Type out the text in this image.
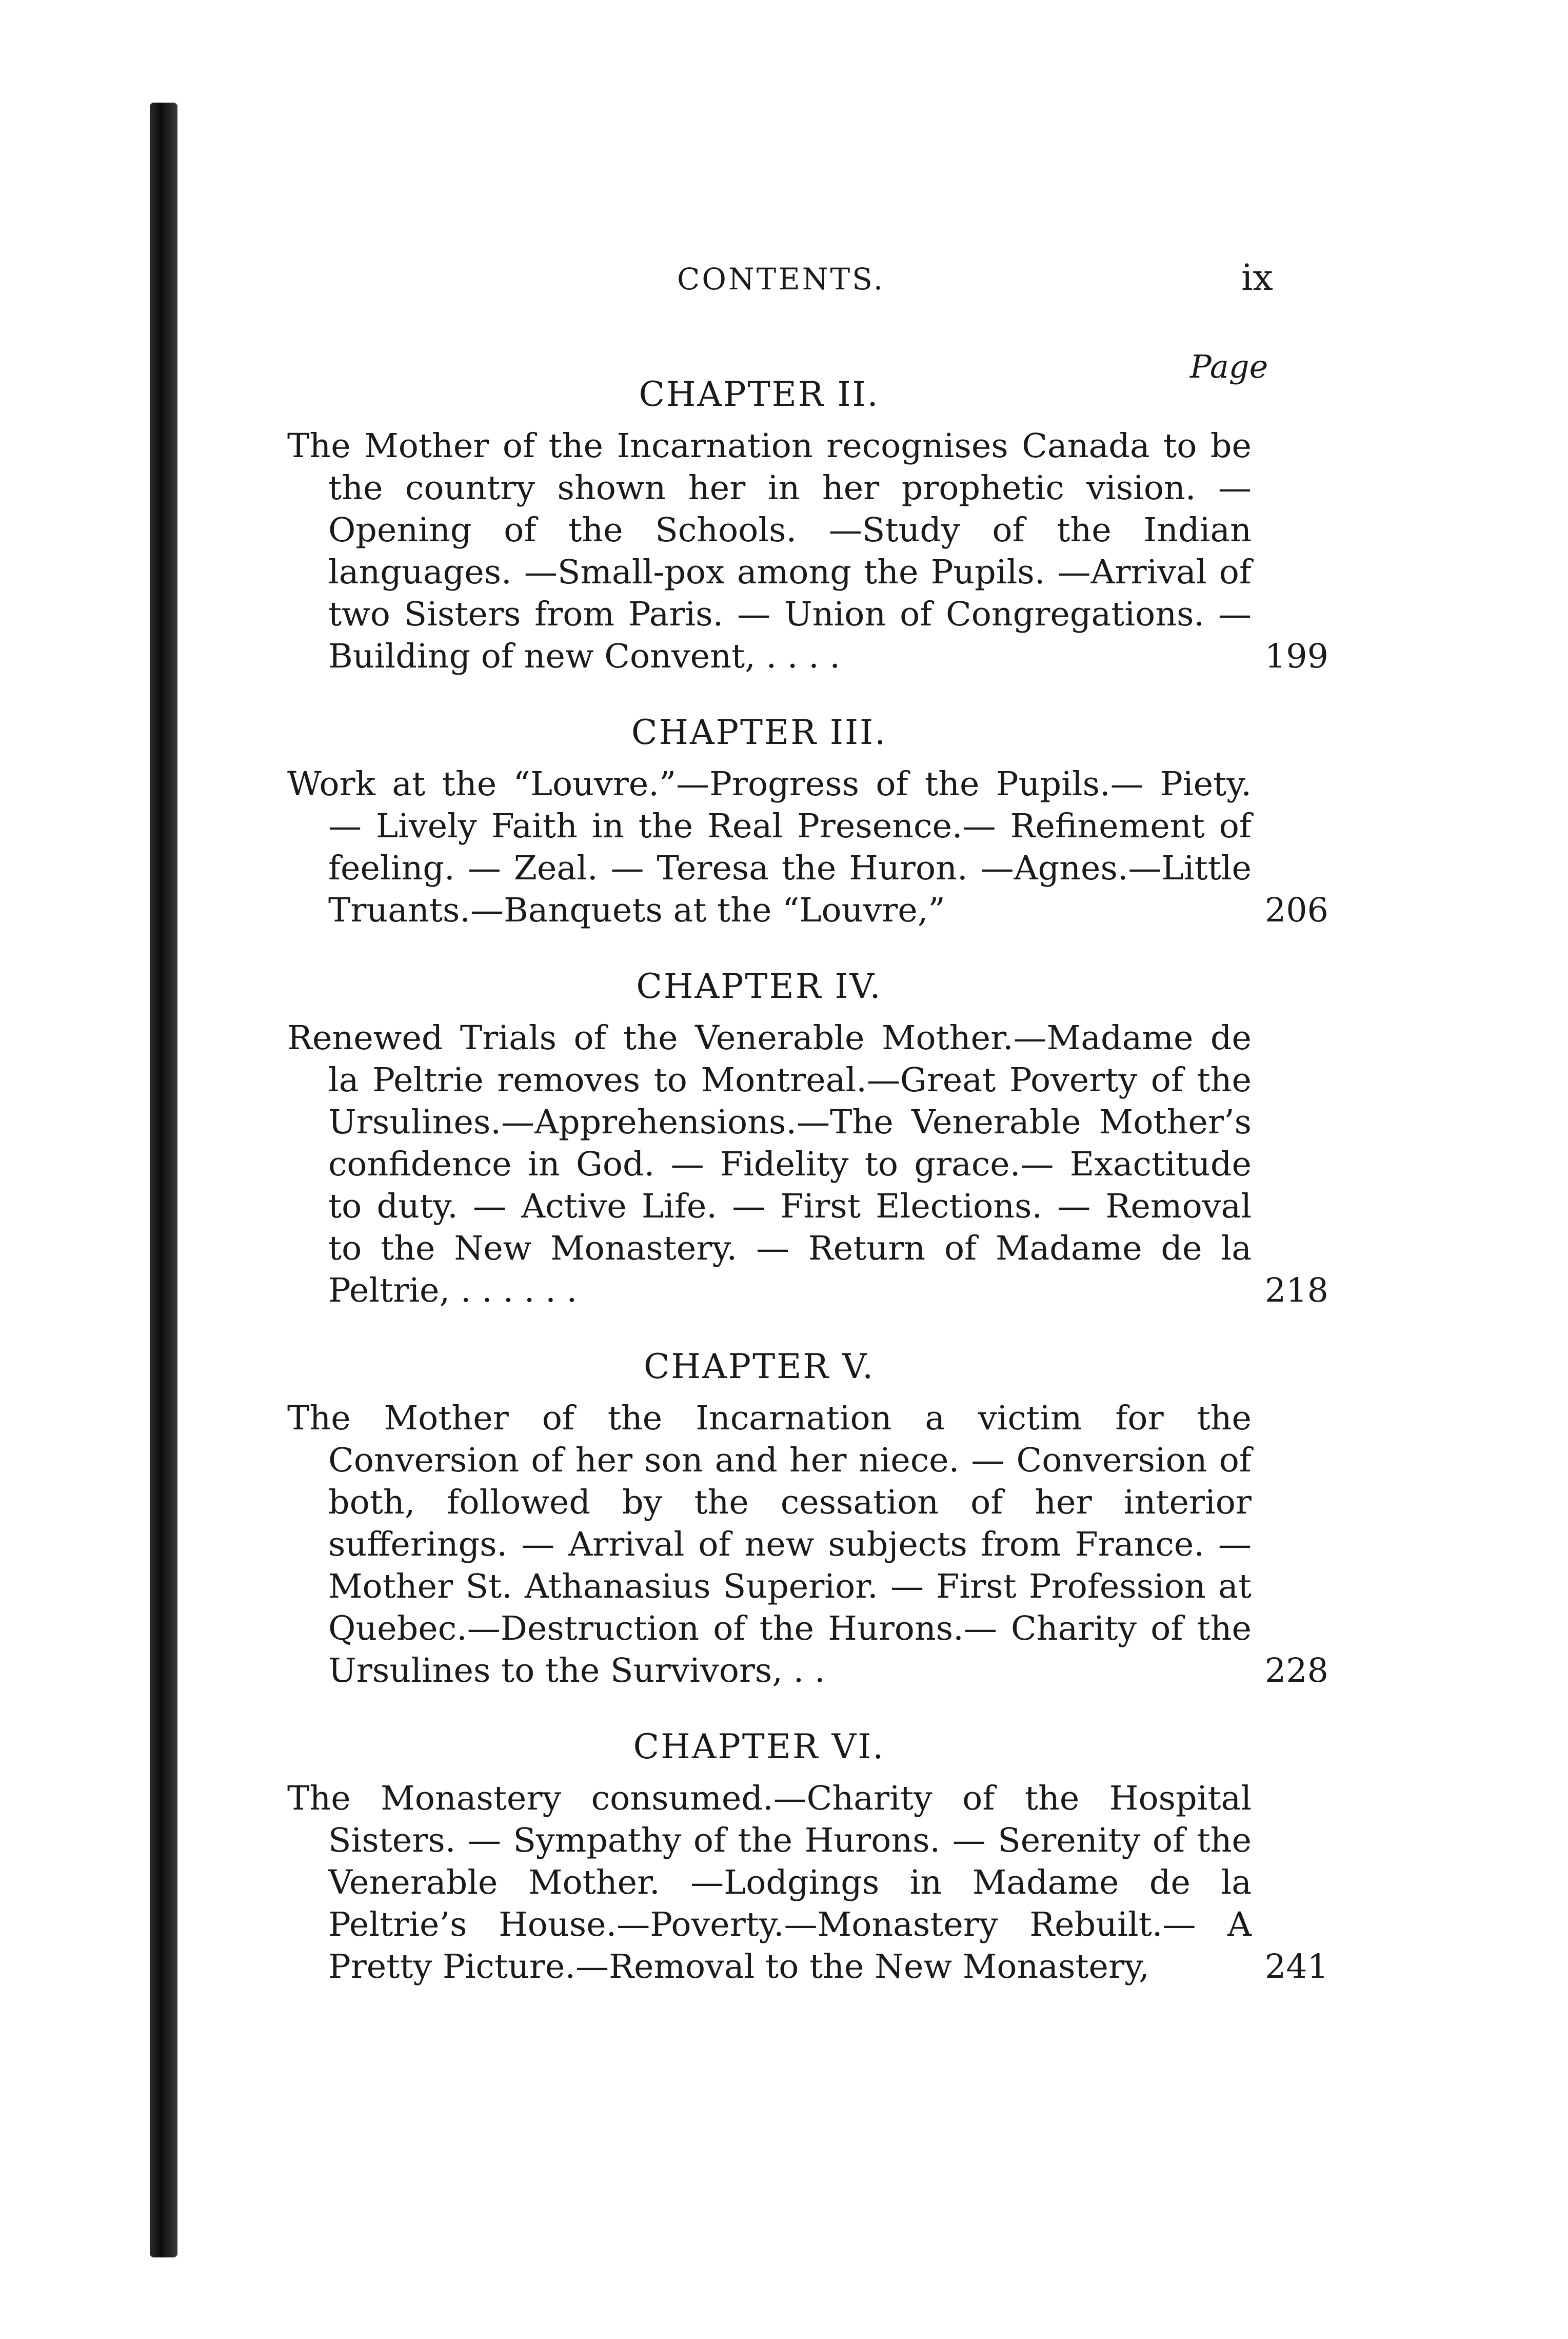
CONTENTS.	ix
Page
CHAPTER II.
The Mother of the Incarnation recognises Canada to be the country shown her in her prophetic vision. —Opening of the Schools. —Study of the Indian languages. —Small-pox among the Pupils. —Arrival of two Sisters from Paris. — Union of Congregations. —Building of new Convent, . . . .	199
CHAPTER III.
Work at the “Louvre.”—Progress of the Pupils.— Piety. — Lively Faith in the Real Presence.— Refinement of feeling. — Zeal. — Teresa the Huron. —Agnes.—Little Truants.—Banquets at the “Louvre,”	206
CHAPTER IV.
Renewed Trials of the Venerable Mother.—Madame de la Peltrie removes to Montreal.—Great Poverty of the Ursulines.—Apprehensions.—The Venerable Mother’s confidence in God. — Fidelity to grace.— Exactitude to duty. — Active Life. — First Elections. — Removal to the New Monastery. — Return of Madame de la Peltrie, . . . . . .	218
CHAPTER V.
The Mother of the Incarnation a victim for the Conversion of her son and her niece. — Conversion of both, followed by the cessation of her interior sufferings. — Arrival of new subjects from France. —Mother St. Athanasius Superior. — First Profession at Quebec.—Destruction of the Hurons.— Charity of the Ursulines to the Survivors, . .	228
CHAPTER VI.
The Monastery consumed.—Charity of the Hospital Sisters. — Sympathy of the Hurons. — Serenity of the Venerable Mother. —Lodgings in Madame de la Peltrie’s House.—Poverty.—Monastery Rebuilt.— A Pretty Picture.—Removal to the New Monastery,	241
